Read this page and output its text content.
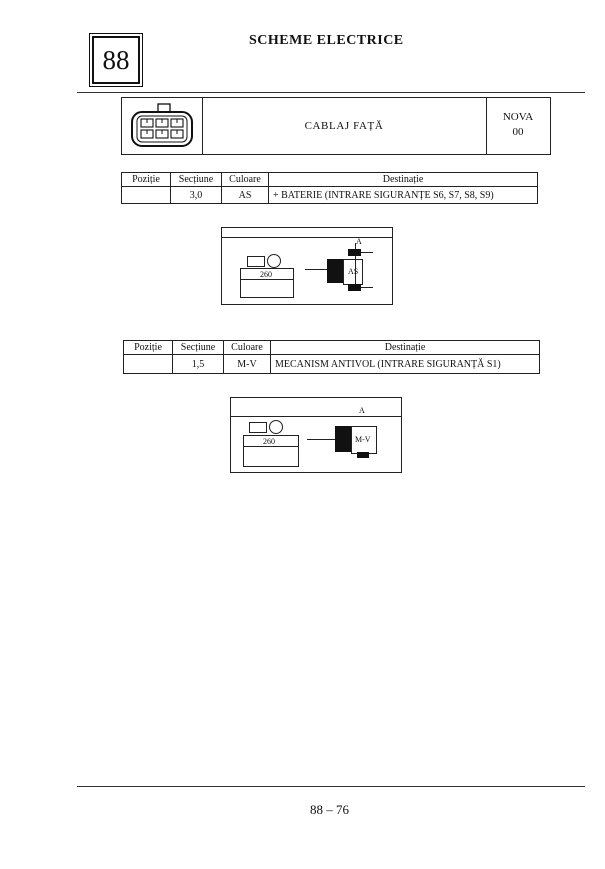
88
SCHEME ELECTRICE
CABLAJ FAȚĂ
NOVA
00
Poziție	Secțiune	Culoare	Destinație
	3,0	AS	+ BATERIE (INTRARE SIGURANȚE S6, S7, S8, S9)
A
260	AS
Poziție	Secțiune	Culoare	Destinație
	1,5	M-V	MECANISM ANTIVOL (INTRARE SIGURANȚĂ S1)
A
260	M-V
88 – 76
